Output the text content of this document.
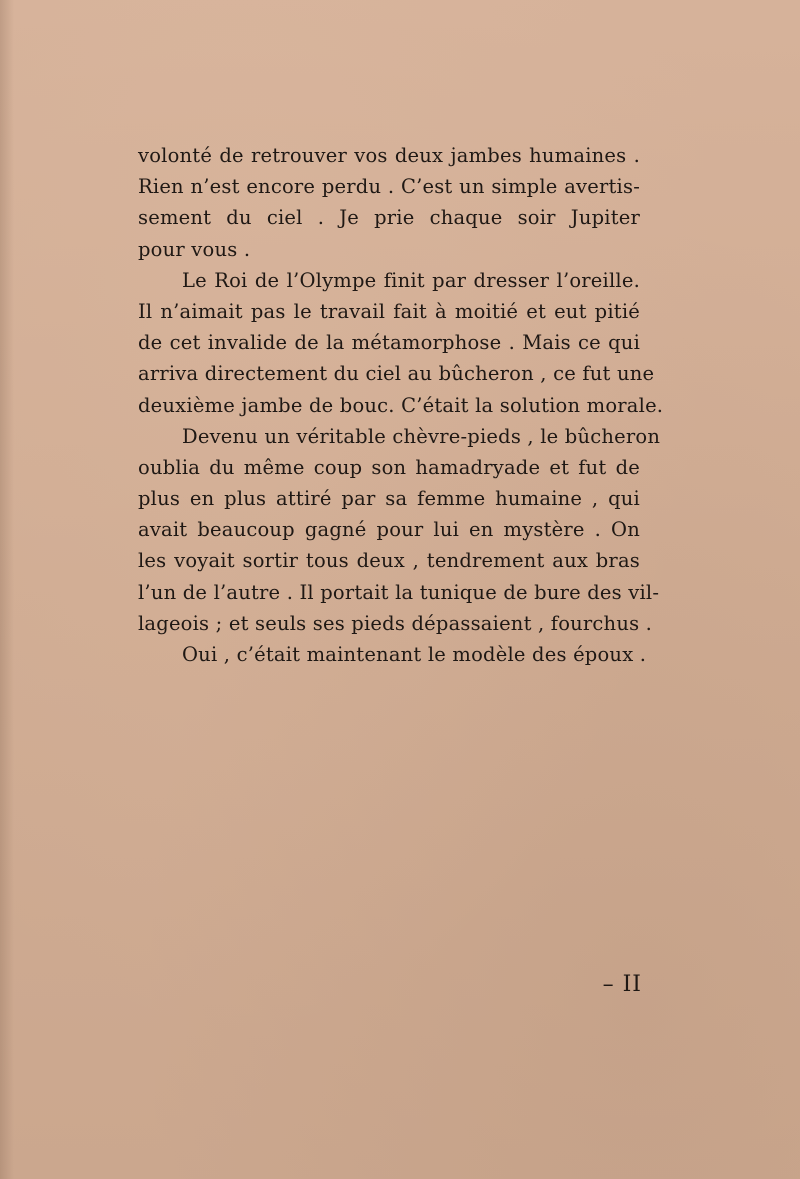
volonté de retrouver vos deux jambes humaines .
Rien n’est encore perdu . C’est un simple avertis-
sement du ciel . Je prie chaque soir Jupiter
pour vous .
Le Roi de l’Olympe finit par dresser l’oreille.
Il n’aimait pas le travail fait à moitié et eut pitié
de cet invalide de la métamorphose . Mais ce qui
arriva directement du ciel au bûcheron , ce fut une
deuxième jambe de bouc. C’était la solution morale.
Devenu un véritable chèvre-pieds , le bûcheron
oublia du même coup son hamadryade et fut de
plus en plus attiré par sa femme humaine , qui
avait beaucoup gagné pour lui en mystère . On
les voyait sortir tous deux , tendrement aux bras
l’un de l’autre . Il portait la tunique de bure des vil-
lageois ; et seuls ses pieds dépassaient , fourchus .
Oui , c’était maintenant le modèle des époux .
– II
